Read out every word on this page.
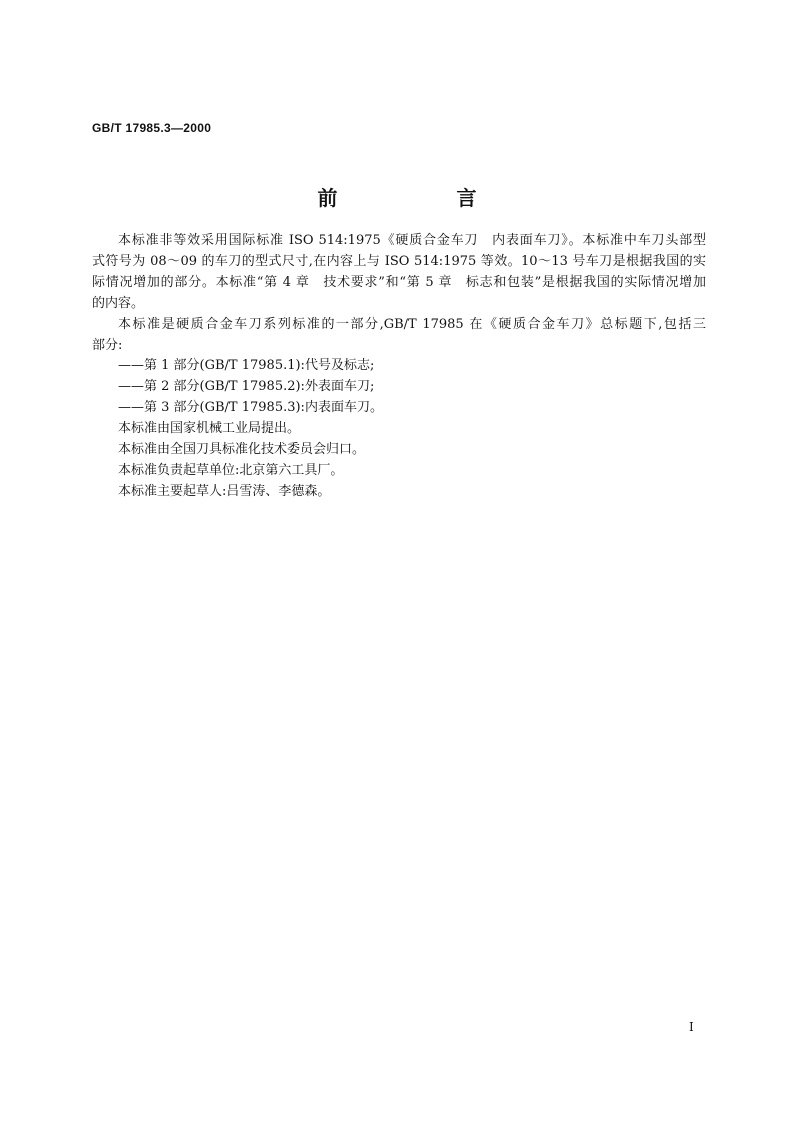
GB/T 17985.3—2000
前 言
本标准非等效采用国际标准 ISO 514:1975《硬质合金车刀　内表面车刀》。本标准中车刀头部型
式符号为 08～09 的车刀的型式尺寸,在内容上与 ISO 514:1975 等效。10～13 号车刀是根据我国的实
际情况增加的部分。本标准“第 4 章　技术要求”和“第 5 章　标志和包装”是根据我国的实际情况增加
的内容。
本标准是硬质合金车刀系列标准的一部分,GB/T 17985 在《硬质合金车刀》总标题下,包括三
部分:
——第 1 部分(GB/T 17985.1):代号及标志;
——第 2 部分(GB/T 17985.2):外表面车刀;
——第 3 部分(GB/T 17985.3):内表面车刀。
本标准由国家机械工业局提出。
本标准由全国刀具标准化技术委员会归口。
本标准负责起草单位:北京第六工具厂。
本标准主要起草人:吕雪涛、李德森。
I
